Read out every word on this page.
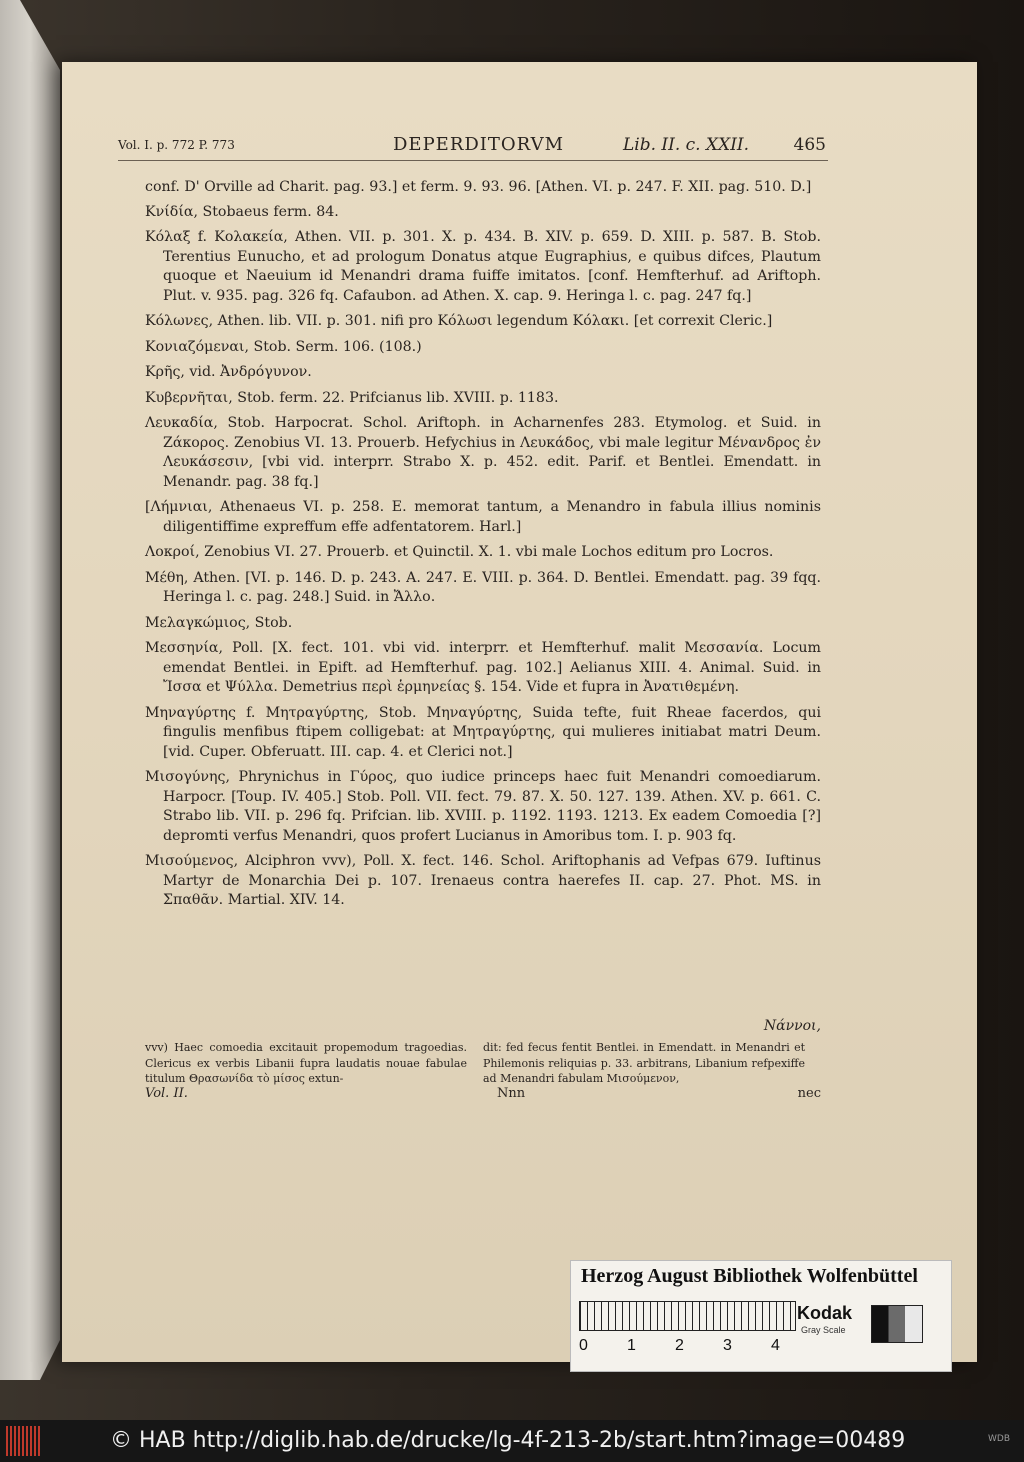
Vol. I. p. 772 P. 773	DEPERDITORVM	Lib. II. c. XXII.	465

conf. D' Orville ad Charit. pag. 93.] et ferm. 9. 93. 96. [Athen. VI. p. 247. F. XII. pag. 510. D.]

Κνίδία, Stobaeus ferm. 84.

Κόλαξ f. Κολακεία, Athen. VII. p. 301. X. p. 434. B. XIV. p. 659. D. XIII. p. 587. B. Stob. Terentius Eunucho, et ad prologum Donatus atque Eugraphius, e quibus difces, Plautum quoque et Naeuium id Menandri drama fuiffe imitatos. [conf. Hemfterhuf. ad Ariftoph. Plut. v. 935. pag. 326 fq. Cafaubon. ad Athen. X. cap. 9. Heringa l. c. pag. 247 fq.]

Κόλωνες, Athen. lib. VII. p. 301. nifi pro Κόλωσι legendum Κόλακι. [et correxit Cleric.]

Κονιαζόμεναι, Stob. Serm. 106. (108.)

Κρῆς, vid. Ἀνδρόγυνον.

Κυβερνῆται, Stob. ferm. 22. Prifcianus lib. XVIII. p. 1183.

Λευκαδία, Stob. Harpocrat. Schol. Ariftoph. in Acharnenfes 283. Etymolog. et Suid. in Ζάκορος. Zenobius VI. 13. Prouerb. Hefychius in Λευκάδος, vbi male legitur Μένανδρος ἐν Λευκάσεσιν, [vbi vid. interprr. Strabo X. p. 452. edit. Parif. et Bentlei. Emendatt. in Menandr. pag. 38 fq.]

[Λήμνιαι, Athenaeus VI. p. 258. E. memorat tantum, a Menandro in fabula illius nominis diligentiffime expreffum effe adfentatorem. Harl.]

Λοκροί, Zenobius VI. 27. Prouerb. et Quinctil. X. 1. vbi male Lochos editum pro Locros.

Μέθη, Athen. [VI. p. 146. D. p. 243. A. 247. E. VIII. p. 364. D. Bentlei. Emendatt. pag. 39 fqq. Heringa l. c. pag. 248.] Suid. in Ἄλλο.

Μελαγκώμιος, Stob.

Μεσσηνία, Poll. [X. fect. 101. vbi vid. interprr. et Hemfterhuf. malit Μεσσανία. Locum emendat Bentlei. in Epift. ad Hemfterhuf. pag. 102.] Aelianus XIII. 4. Animal. Suid. in Ἴσσα et Ψύλλα. Demetrius περὶ ἑρμηνείας §. 154. Vide et fupra in Ἀνατιθεμένη.

Μηναγύρτης f. Μητραγύρτης, Stob. Μηναγύρτης, Suida tefte, fuit Rheae facerdos, qui fingulis menfibus ftipem colligebat: at Μητραγύρτης, qui mulieres initiabat matri Deum. [vid. Cuper. Obferuatt. III. cap. 4. et Clerici not.]

Μισογύνης, Phrynichus in Γύρος, quo iudice princeps haec fuit Menandri comoediarum. Harpocr. [Toup. IV. 405.] Stob. Poll. VII. fect. 79. 87. X. 50. 127. 139. Athen. XV. p. 661. C. Strabo lib. VII. p. 296 fq. Prifcian. lib. XVIII. p. 1192. 1193. 1213. Ex eadem Comoedia [?] depromti verfus Menandri, quos profert Lucianus in Amoribus tom. I. p. 903 fq.

Μισούμενος, Alciphron vvv), Poll. X. fect. 146. Schol. Ariftophanis ad Vefpas 679. Iuftinus Martyr de Monarchia Dei p. 107. Irenaeus contra haerefes II. cap. 27. Phot. MS. in Σπαθᾶν. Martial. XIV. 14.

Νάννοι,
vvv) Haec comoedia excitauit propemodum tragoedias. Clericus ex verbis Libanii fupra laudatis nouae fabulae titulum Θρασωνίδα τὸ μίσος extun-
dit: fed fecus fentit Bentlei. in Emendatt. in Menandri et Philemonis reliquias p. 33. arbitrans, Libanium refpexiffe ad Menandri fabulam Μισούμενον,
Vol. II.	Nnn	nec
Herzog August Bibliothek Wolfenbüttel
0 1 2 3 4
Kodak
Gray Scale
© HAB http://diglib.hab.de/drucke/lg-4f-213-2b/start.htm?image=00489	WDB
